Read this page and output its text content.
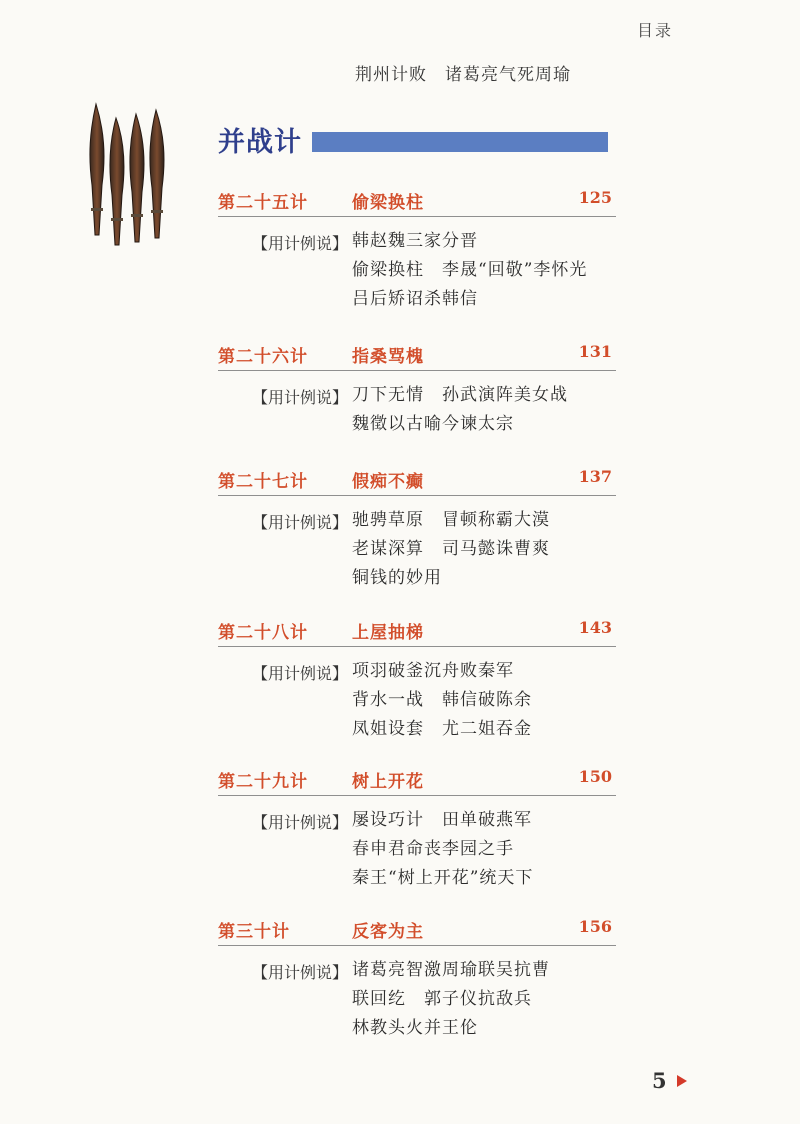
目录
荆州计败　诸葛亮气死周瑜
并战计
第二十五计	偷梁换柱	125
【用计例说】 韩赵魏三家分晋
偷梁换柱　李晟“回敬”李怀光
吕后矫诏杀韩信
第二十六计	指桑骂槐	131
【用计例说】 刀下无情　孙武演阵美女战
魏徵以古喻今谏太宗
第二十七计	假痴不癫	137
【用计例说】 驰骋草原　冒顿称霸大漠
老谋深算　司马懿诛曹爽
铜钱的妙用
第二十八计	上屋抽梯	143
【用计例说】 项羽破釜沉舟败秦军
背水一战　韩信破陈余
凤姐设套　尤二姐吞金
第二十九计	树上开花	150
【用计例说】 屡设巧计　田单破燕军
春申君命丧李园之手
秦王“树上开花”统天下
第三十计	反客为主	156
【用计例说】 诸葛亮智激周瑜联吴抗曹
联回纥　郭子仪抗敌兵
林教头火并王伦
5
